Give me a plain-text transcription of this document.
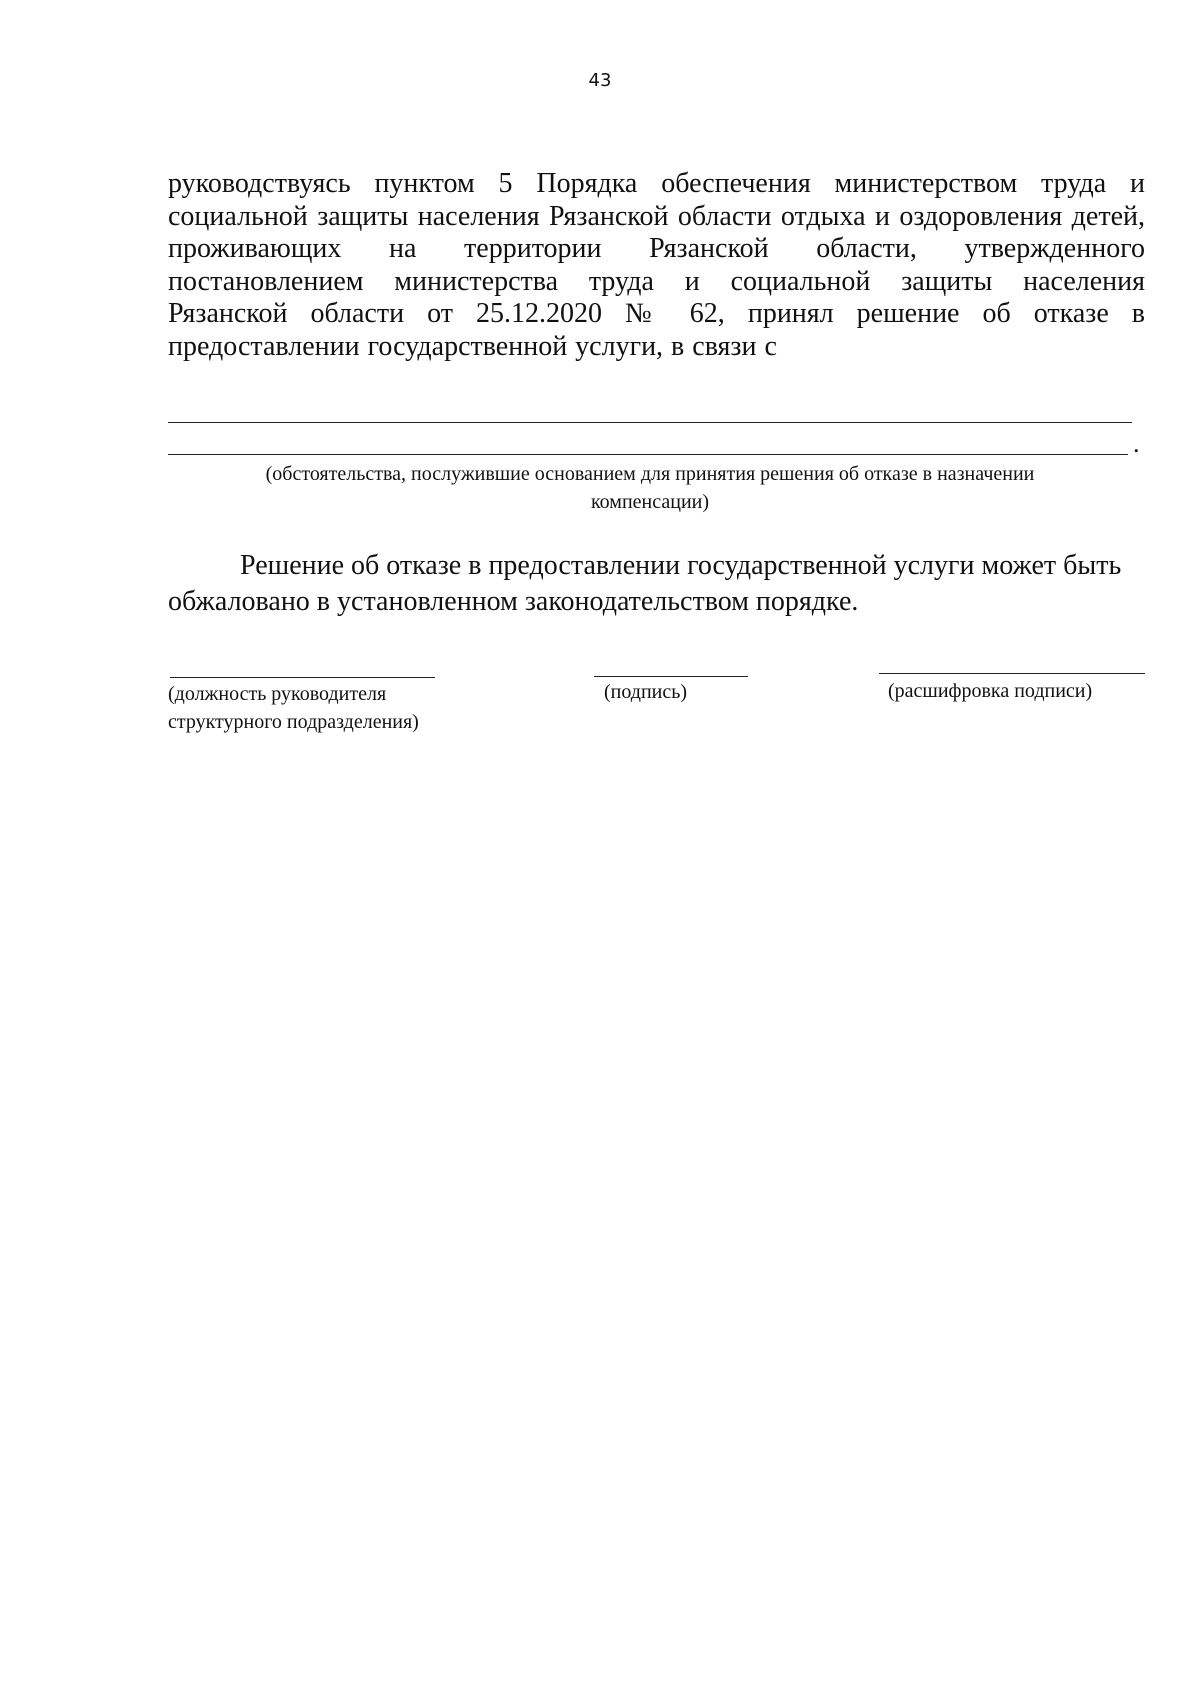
43
руководствуясь пунктом 5 Порядка обеспечения министерством труда и
социальной защиты населения Рязанской области отдыха и оздоровления детей,
проживающих на территории Рязанской области, утвержденного
постановлением министерства труда и социальной защиты населения
Рязанской области от 25.12.2020 № 62, принял решение об отказе в
предоставлении государственной услуги, в связи с
.
(обстоятельства, послужившие основанием для принятия решения об отказе в назначении
компенсации)
Решение об отказе в предоставлении государственной услуги может быть
обжаловано в установленном законодательством порядке.
(должность руководителя
структурного подразделения)
(подпись)	(расшифровка подписи)
